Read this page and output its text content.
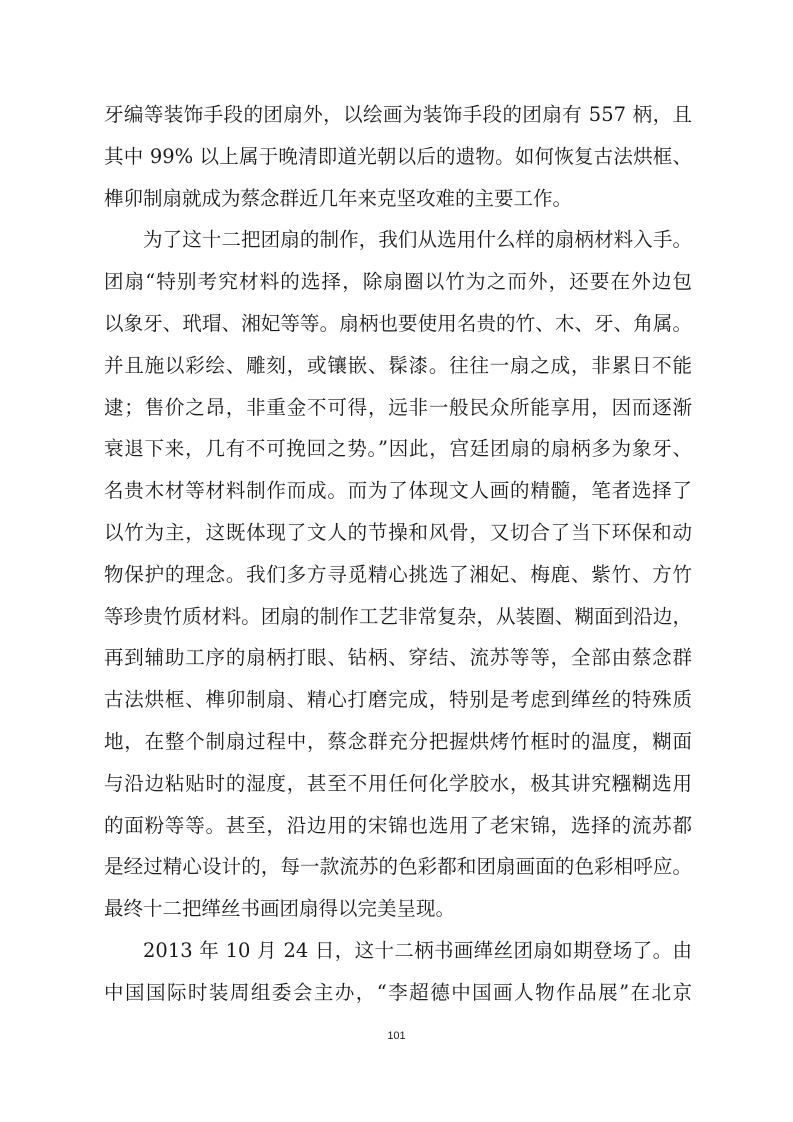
牙编等装饰手段的团扇外，以绘画为装饰手段的团扇有 557 柄，且
其中 99% 以上属于晚清即道光朝以后的遗物。如何恢复古法烘框、
榫卯制扇就成为蔡念群近几年来克坚攻难的主要工作。
为了这十二把团扇的制作，我们从选用什么样的扇柄材料入手。
团扇“特别考究材料的选择，除扇圈以竹为之而外，还要在外边包
以象牙、玳瑁、湘妃等等。扇柄也要使用名贵的竹、木、牙、角属。
并且施以彩绘、雕刻，或镶嵌、髹漆。往往一扇之成，非累日不能
逮；售价之昂，非重金不可得，远非一般民众所能享用，因而逐渐
衰退下来，几有不可挽回之势。”因此，宫廷团扇的扇柄多为象牙、
名贵木材等材料制作而成。而为了体现文人画的精髓，笔者选择了
以竹为主，这既体现了文人的节操和风骨，又切合了当下环保和动
物保护的理念。我们多方寻觅精心挑选了湘妃、梅鹿、紫竹、方竹
等珍贵竹质材料。团扇的制作工艺非常复杂，从装圈、糊面到沿边，
再到辅助工序的扇柄打眼、钻柄、穿结、流苏等等，全部由蔡念群
古法烘框、榫卯制扇、精心打磨完成，特别是考虑到缂丝的特殊质
地，在整个制扇过程中，蔡念群充分把握烘烤竹框时的温度，糊面
与沿边粘贴时的湿度，甚至不用任何化学胶水，极其讲究糨糊选用
的面粉等等。甚至，沿边用的宋锦也选用了老宋锦，选择的流苏都
是经过精心设计的，每一款流苏的色彩都和团扇画面的色彩相呼应。
最终十二把缂丝书画团扇得以完美呈现。
2013 年 10 月 24 日，这十二柄书画缂丝团扇如期登场了。由
中国国际时装周组委会主办，“李超德中国画人物作品展”在北京
101
